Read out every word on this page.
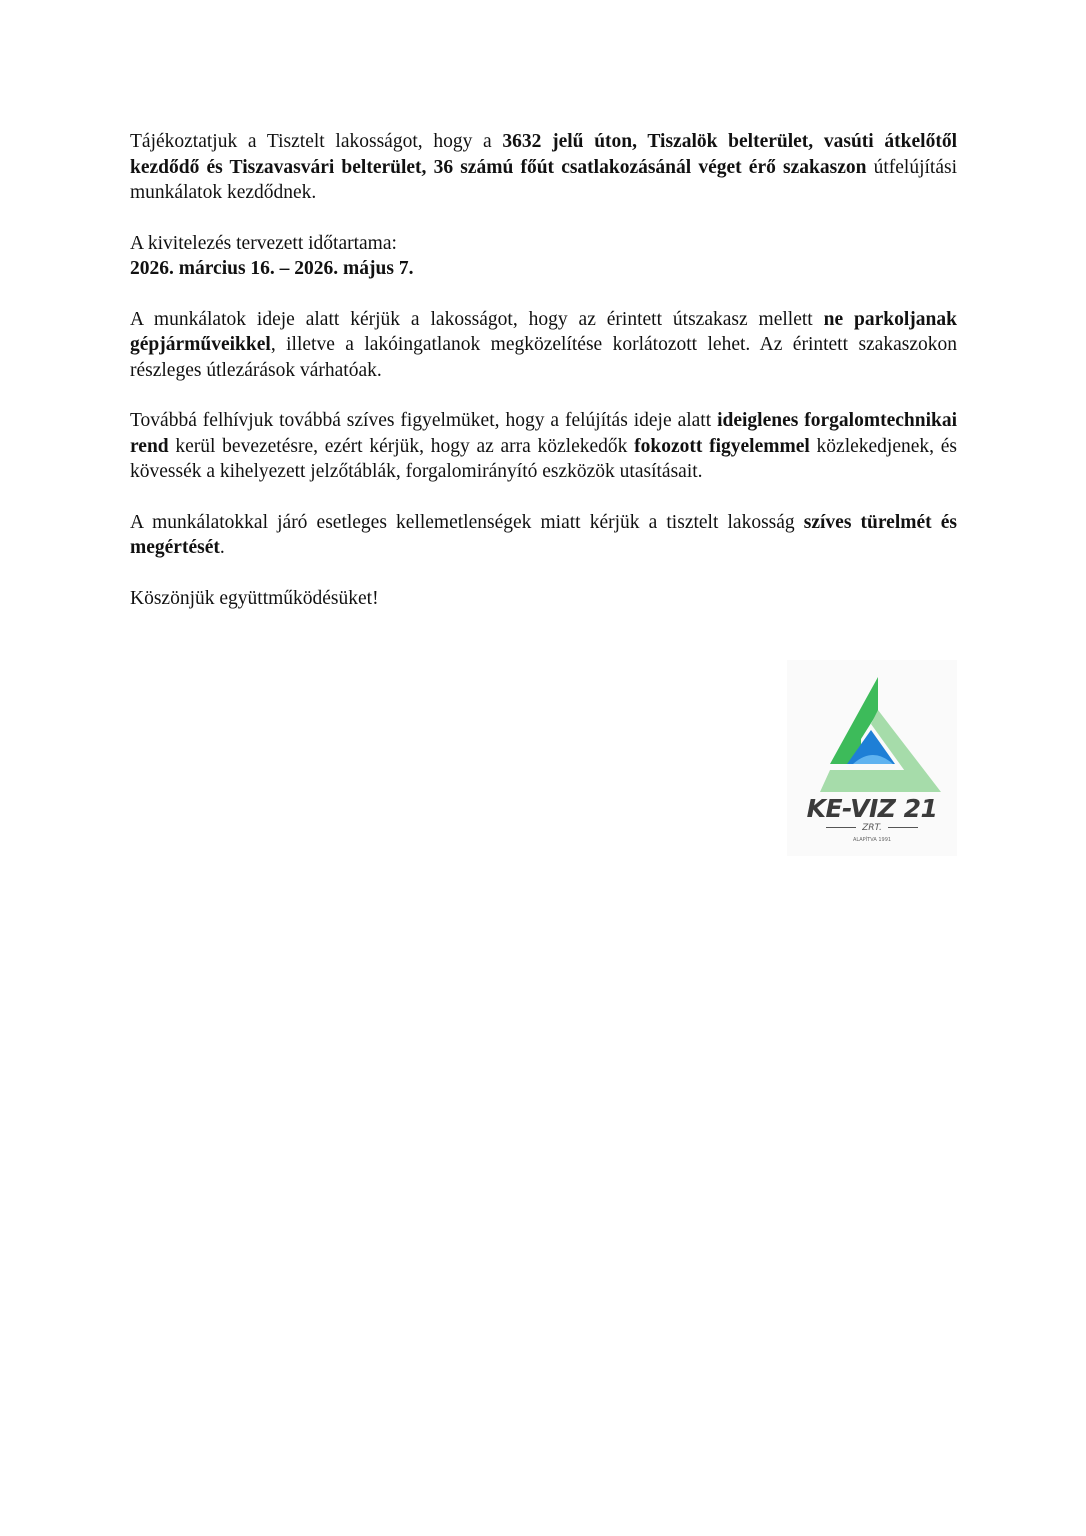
Tájékoztatjuk a Tisztelt lakosságot, hogy a 3632 jelű úton, Tiszalök belterület, vasúti átkelőtől kezdődő és Tiszavasvári belterület, 36 számú főút csatlakozásánál véget érő szakaszon útfelújítási munkálatok kezdődnek.

A kivitelezés tervezett időtartama:
2026. március 16. – 2026. május 7.

A munkálatok ideje alatt kérjük a lakosságot, hogy az érintett útszakasz mellett ne parkoljanak gépjárműveikkel, illetve a lakóingatlanok megközelítése korlátozott lehet. Az érintett szakaszokon részleges útlezárások várhatóak.

Továbbá felhívjuk továbbá szíves figyelmüket, hogy a felújítás ideje alatt ideiglenes forgalomtechnikai rend kerül bevezetésre, ezért kérjük, hogy az arra közlekedők fokozott figyelemmel közlekedjenek, és kövessék a kihelyezett jelzőtáblák, forgalomirányító eszközök utasításait.

A munkálatokkal járó esetleges kellemetlenségek miatt kérjük a tisztelt lakosság szíves türelmét és megértését.

Köszönjük együttműködésüket!

KE-VIZ 21
ZRT.
ALAPÍTVA 1991
